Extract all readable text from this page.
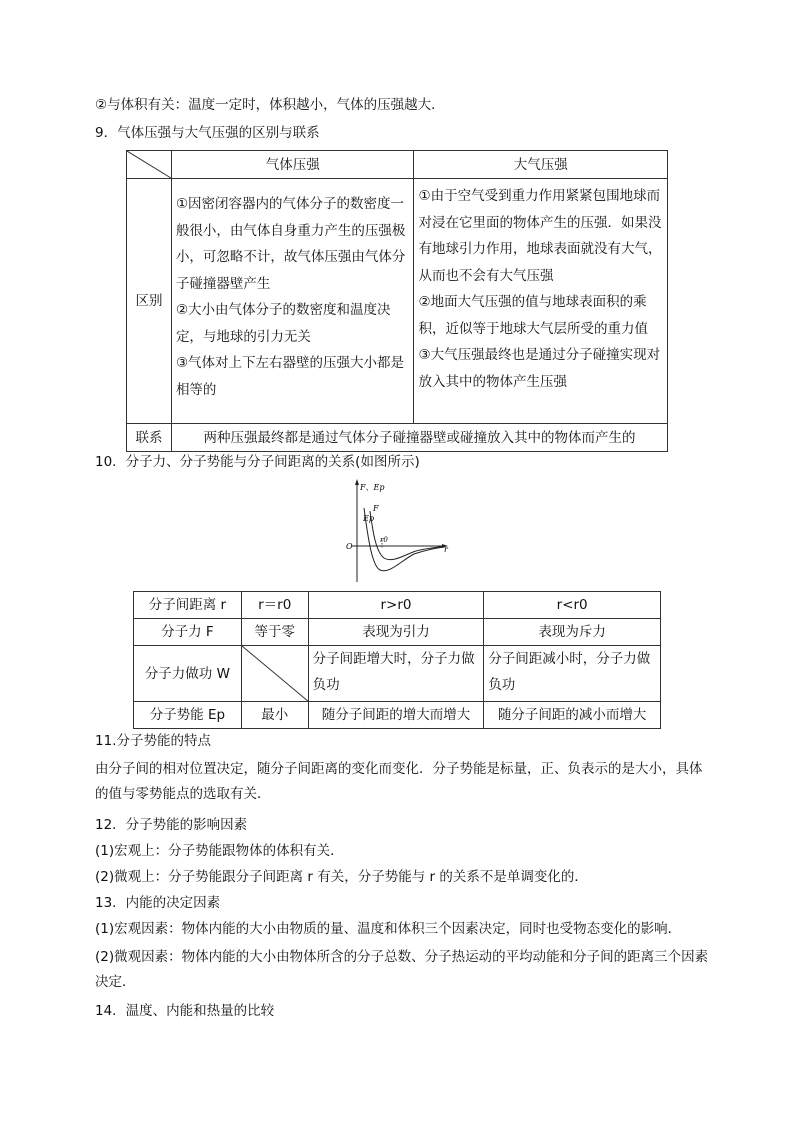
②与体积有关：温度一定时，体积越小，气体的压强越大．
9．气体压强与大气压强的区别与联系
	气体压强	大气压强
区别	①因密闭容器内的气体分子的数密度一般很小，由气体自身重力产生的压强极小，可忽略不计，故气体压强由气体分子碰撞器壁产生
②大小由气体分子的数密度和温度决定，与地球的引力无关
③气体对上下左右器壁的压强大小都是相等的	①由于空气受到重力作用紧紧包围地球而对浸在它里面的物体产生的压强．如果没有地球引力作用，地球表面就没有大气，从而也不会有大气压强
②地面大气压强的值与地球表面积的乘积，近似等于地球大气层所受的重力值
③大气压强最终也是通过分子碰撞实现对放入其中的物体产生压强

联系	两种压强最终都是通过气体分子碰撞器壁或碰撞放入其中的物体而产生的	
10．分子力、分子势能与分子间距离的关系(如图所示)
F、Ep
F
Ep
O
r0
r
分子间距离 r	r＝r0	r>r0	r<r0
分子力 F	等于零	表现为引力	表现为斥力
分子力做功 W		分子间距增大时，分子力做负功	分子间距减小时，分子力做负功
分子势能 Ep	最小	随分子间距的增大而增大	随分子间距的减小而增大
11.分子势能的特点
由分子间的相对位置决定，随分子间距离的变化而变化．分子势能是标量，正、负表示的是大小，具体的值与零势能点的选取有关．
12．分子势能的影响因素
(1)宏观上：分子势能跟物体的体积有关．
(2)微观上：分子势能跟分子间距离 r 有关，分子势能与 r 的关系不是单调变化的．
13．内能的决定因素
(1)宏观因素：物体内能的大小由物质的量、温度和体积三个因素决定，同时也受物态变化的影响．
(2)微观因素：物体内能的大小由物体所含的分子总数、分子热运动的平均动能和分子间的距离三个因素决定．
14．温度、内能和热量的比较
